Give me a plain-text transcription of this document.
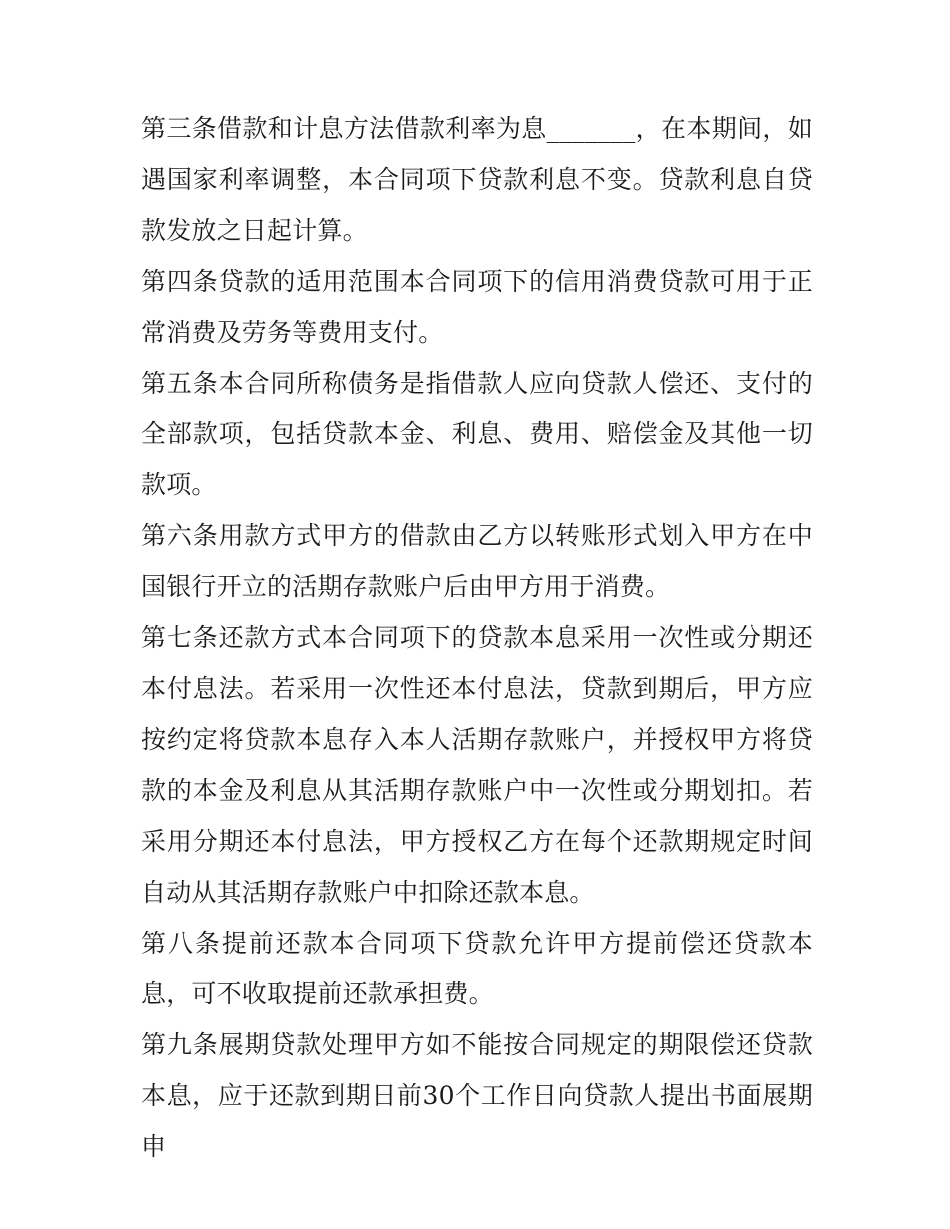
第三条借款和计息方法借款利率为息_______，在本期间，如遇国家利率调整，本合同项下贷款利息不变。贷款利息自贷款发放之日起计算。

第四条贷款的适用范围本合同项下的信用消费贷款可用于正常消费及劳务等费用支付。

第五条本合同所称债务是指借款人应向贷款人偿还、支付的全部款项，包括贷款本金、利息、费用、赔偿金及其他一切款项。

第六条用款方式甲方的借款由乙方以转账形式划入甲方在中国银行开立的活期存款账户后由甲方用于消费。

第七条还款方式本合同项下的贷款本息采用一次性或分期还本付息法。若采用一次性还本付息法，贷款到期后，甲方应按约定将贷款本息存入本人活期存款账户，并授权甲方将贷款的本金及利息从其活期存款账户中一次性或分期划扣。若采用分期还本付息法，甲方授权乙方在每个还款期规定时间自动从其活期存款账户中扣除还款本息。

第八条提前还款本合同项下贷款允许甲方提前偿还贷款本息，可不收取提前还款承担费。

第九条展期贷款处理甲方如不能按合同规定的期限偿还贷款本息，应于还款到期日前30个工作日向贷款人提出书面展期申
